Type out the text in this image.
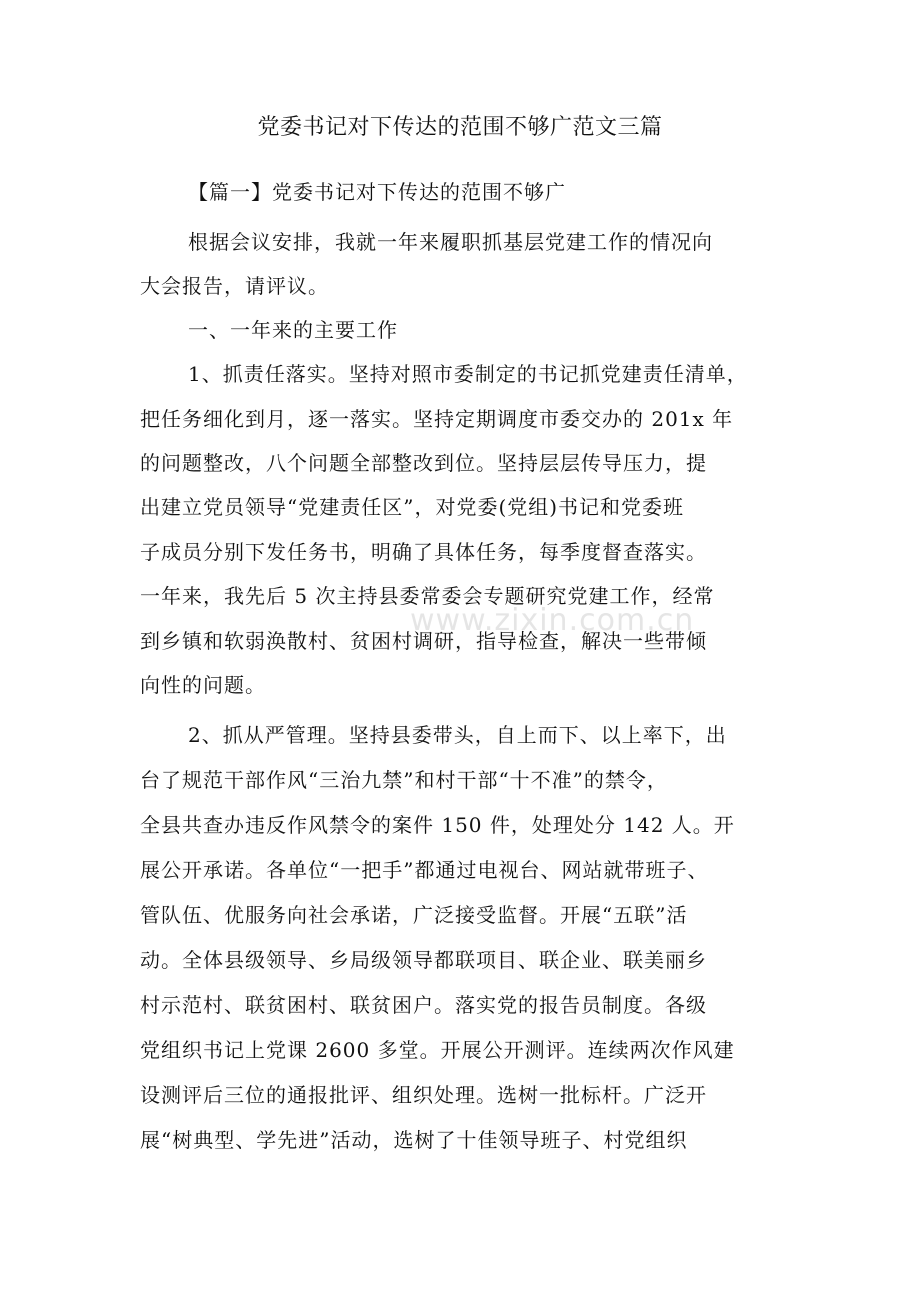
党委书记对下传达的范围不够广范文三篇
【篇一】党委书记对下传达的范围不够广
根据会议安排，我就一年来履职抓基层党建工作的情况向
大会报告，请评议。
一、一年来的主要工作
1、抓责任落实。坚持对照市委制定的书记抓党建责任清单，
把任务细化到月，逐一落实。坚持定期调度市委交办的 201x 年
的问题整改，八个问题全部整改到位。坚持层层传导压力，提
出建立党员领导“党建责任区”，对党委(党组)书记和党委班
子成员分别下发任务书，明确了具体任务，每季度督查落实。
一年来，我先后 5 次主持县委常委会专题研究党建工作，经常
到乡镇和软弱涣散村、贫困村调研，指导检查，解决一些带倾
向性的问题。
2、抓从严管理。坚持县委带头，自上而下、以上率下，出
台了规范干部作风“三治九禁”和村干部“十不准”的禁令，
全县共查办违反作风禁令的案件 150 件，处理处分 142 人。开
展公开承诺。各单位“一把手”都通过电视台、网站就带班子、
管队伍、优服务向社会承诺，广泛接受监督。开展“五联”活
动。全体县级领导、乡局级领导都联项目、联企业、联美丽乡
村示范村、联贫困村、联贫困户。落实党的报告员制度。各级
党组织书记上党课 2600 多堂。开展公开测评。连续两次作风建
设测评后三位的通报批评、组织处理。选树一批标杆。广泛开
展“树典型、学先进”活动，选树了十佳领导班子、村党组织
www.zixin.com.cn
